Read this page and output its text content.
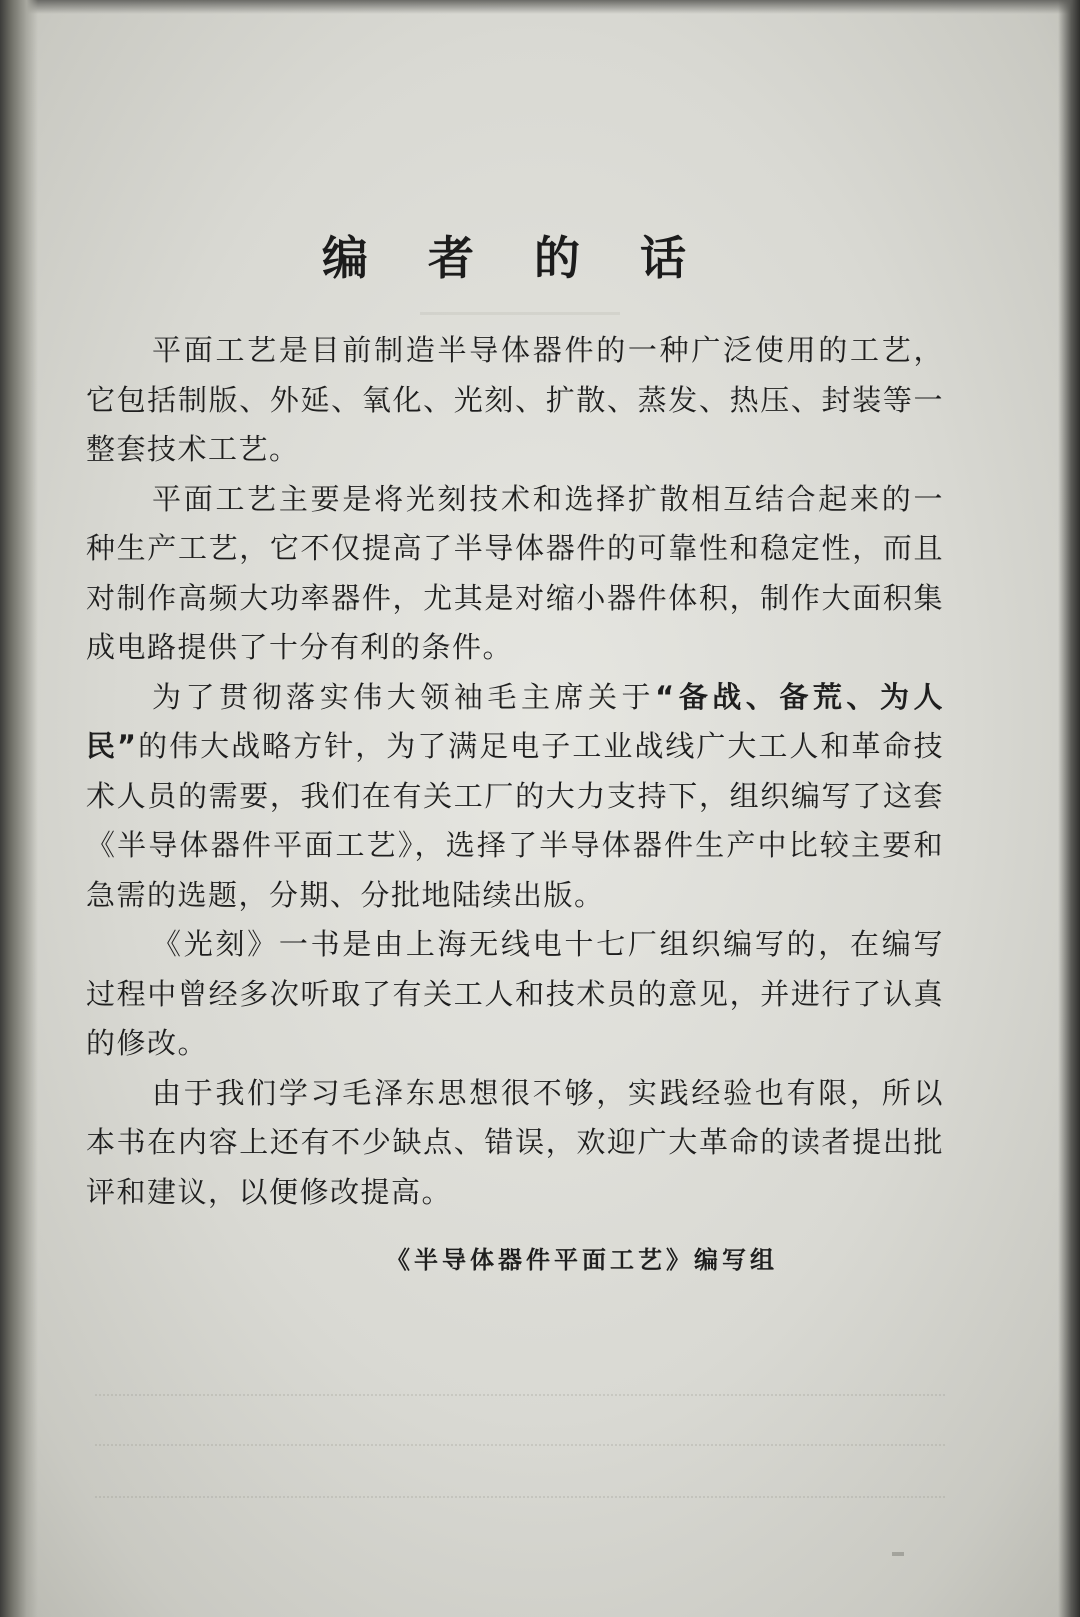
编 者 的 话

平面工艺是目前制造半导体器件的一种广泛使用的工艺，它包括制版、外延、氧化、光刻、扩散、蒸发、热压、封装等一整套技术工艺。

平面工艺主要是将光刻技术和选择扩散相互结合起来的一种生产工艺，它不仅提高了半导体器件的可靠性和稳定性，而且对制作高频大功率器件，尤其是对缩小器件体积，制作大面积集成电路提供了十分有利的条件。

为了贯彻落实伟大领袖毛主席关于“备战、备荒、为人民”的伟大战略方针，为了满足电子工业战线广大工人和革命技术人员的需要，我们在有关工厂的大力支持下，组织编写了这套《半导体器件平面工艺》，选择了半导体器件生产中比较主要和急需的选题，分期、分批地陆续出版。

《光刻》一书是由上海无线电十七厂组织编写的，在编写过程中曾经多次听取了有关工人和技术员的意见，并进行了认真的修改。

由于我们学习毛泽东思想很不够，实践经验也有限，所以本书在内容上还有不少缺点、错误，欢迎广大革命的读者提出批评和建议，以便修改提高。

《半导体器件平面工艺》编写组
